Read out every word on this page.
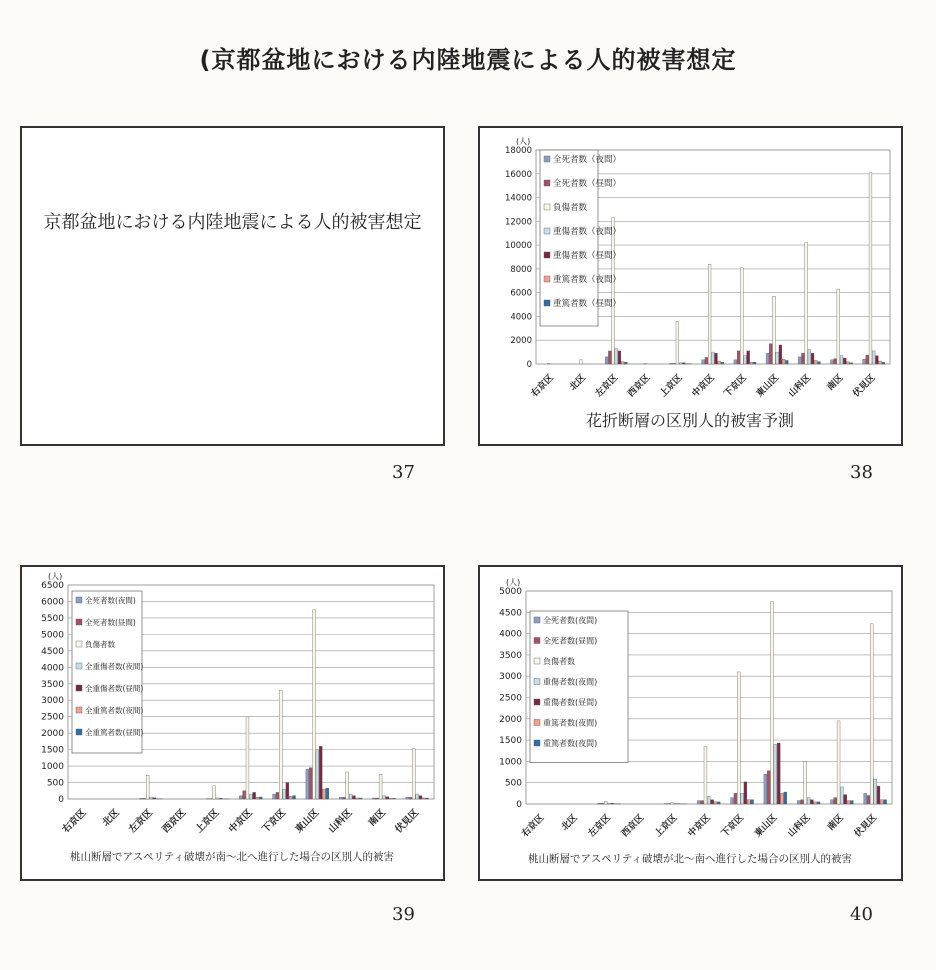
(京都盆地における内陸地震による人的被害想定
京都盆地における内陸地震による人的被害想定
37
0
2000
4000
6000
8000
10000
12000
14000
16000
18000
(人)
右京区 北区 左京区 西京区 上京区 中京区 下京区 東山区 山科区 南区 伏見区
全死者数（夜間）
全死者数（昼間）
負傷者数
重傷者数（夜間）
重傷者数（昼間）
重篤者数（夜間）
重篤者数（昼間）
花折断層の区別人的被害予測
38
0
500
1000
1500
2000
2500
3000
3500
4000
4500
5000
5500
6000
6500
(人)
右京区 北区 左京区 西京区 上京区 中京区 下京区 東山区 山科区 南区 伏見区
全死者数(夜間)
全死者数(昼間)
負傷者数
全重傷者数(夜間)
全重傷者数(昼間)
全重篤者数(夜間)
全重篤者数(昼間)
桃山断層でアスペリティ破壊が南～北へ進行した場合の区別人的被害
39
0
500
1000
1500
2000
2500
3000
3500
4000
4500
5000
(人)
右京区 北区 左京区 西京区 上京区 中京区 下京区 東山区 山科区 南区 伏見区
全死者数(夜間)
全死者数(昼間)
負傷者数
重傷者数(夜間)
重傷者数(昼間)
重篤者数(夜間)
重篤者数(夜間)
桃山断層でアスペリティ破壊が北～南へ進行した場合の区別人的被害
40
